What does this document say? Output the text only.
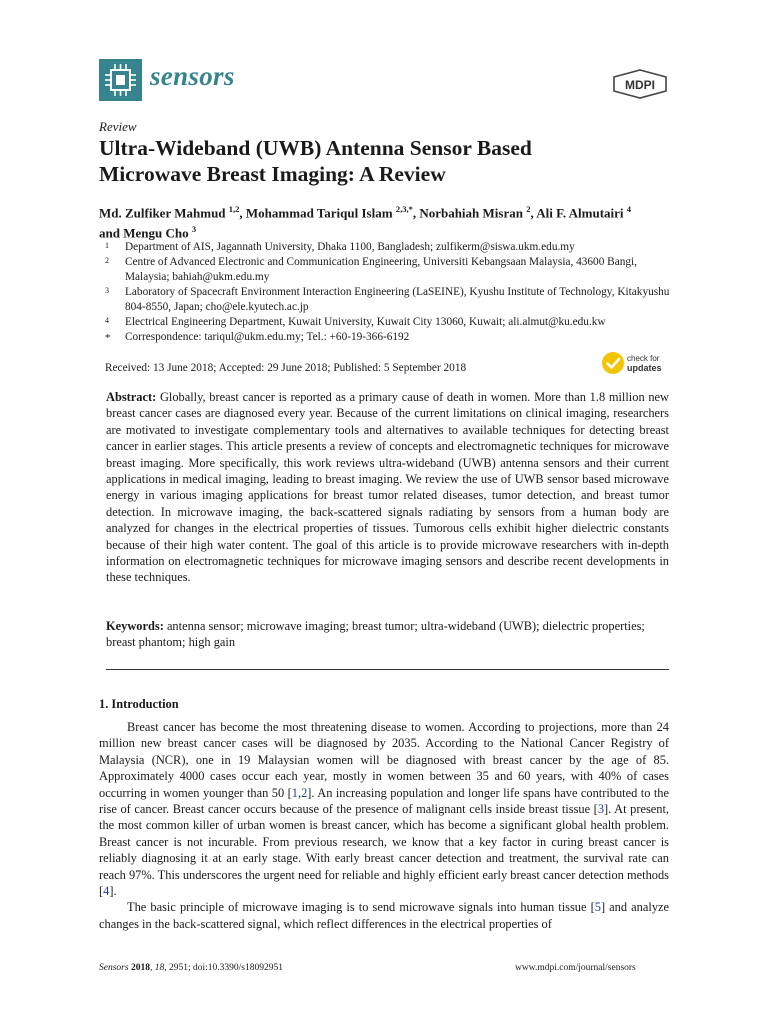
sensors	MDPI
Review
Ultra-Wideband (UWB) Antenna Sensor Based
Microwave Breast Imaging: A Review
Md. Zulfiker Mahmud $^{1,2}$, Mohammad Tariqul Islam $^{2,3,*}$, Norbahiah Misran $^2$, Ali F. Almutairi $^4$
and Mengu Cho $^3$
1 Department of AIS, Jagannath University, Dhaka 1100, Bangladesh; zulfikerm@siswa.ukm.edu.my
2 Centre of Advanced Electronic and Communication Engineering, Universiti Kebangsaan Malaysia, 43600 Bangi, Malaysia; bahiah@ukm.edu.my
3 Laboratory of Spacecraft Environment Interaction Engineering (LaSEINE), Kyushu Institute of Technology, Kitakyushu 804-8550, Japan; cho@ele.kyutech.ac.jp
4 Electrical Engineering Department, Kuwait University, Kuwait City 13060, Kuwait; ali.almut@ku.edu.kw
* Correspondence: tariqul@ukm.edu.my; Tel.: +60-19-366-6192
Received: 13 June 2018; Accepted: 29 June 2018; Published: 5 September 2018
check for
updates
Abstract: Globally, breast cancer is reported as a primary cause of death in women. More than 1.8 million new breast cancer cases are diagnosed every year. Because of the current limitations on clinical imaging, researchers are motivated to investigate complementary tools and alternatives to available techniques for detecting breast cancer in earlier stages. This article presents a review of concepts and electromagnetic techniques for microwave breast imaging. More specifically, this work reviews ultra-wideband (UWB) antenna sensors and their current applications in medical imaging, leading to breast imaging. We review the use of UWB sensor based microwave energy in various imaging applications for breast tumor related diseases, tumor detection, and breast tumor detection. In microwave imaging, the back-scattered signals radiating by sensors from a human body are analyzed for changes in the electrical properties of tissues. Tumorous cells exhibit higher dielectric constants because of their high water content. The goal of this article is to provide microwave researchers with in-depth information on electromagnetic techniques for microwave imaging sensors and describe recent developments in these techniques.
Keywords: antenna sensor; microwave imaging; breast tumor; ultra-wideband (UWB); dielectric properties; breast phantom; high gain
1. Introduction

Breast cancer has become the most threatening disease to women. According to projections, more than 24 million new breast cancer cases will be diagnosed by 2035. According to the National Cancer Registry of Malaysia (NCR), one in 19 Malaysian women will be diagnosed with breast cancer by the age of 85. Approximately 4000 cases occur each year, mostly in women between 35 and 60 years, with 40% of cases occurring in women younger than 50 [1,2]. An increasing population and longer life spans have contributed to the rise of cancer. Breast cancer occurs because of the presence of malignant cells inside breast tissue [3]. At present, the most common killer of urban women is breast cancer, which has become a significant global health problem. Breast cancer is not incurable. From previous research, we know that a key factor in curing breast cancer is reliably diagnosing it at an early stage. With early breast cancer detection and treatment, the survival rate can reach 97%. This underscores the urgent need for reliable and highly efficient early breast cancer detection methods [4].

The basic principle of microwave imaging is to send microwave signals into human tissue [5] and analyze changes in the back-scattered signal, which reflect differences in the electrical properties of

Sensors 2018, 18, 2951; doi:10.3390/s18092951	www.mdpi.com/journal/sensors
